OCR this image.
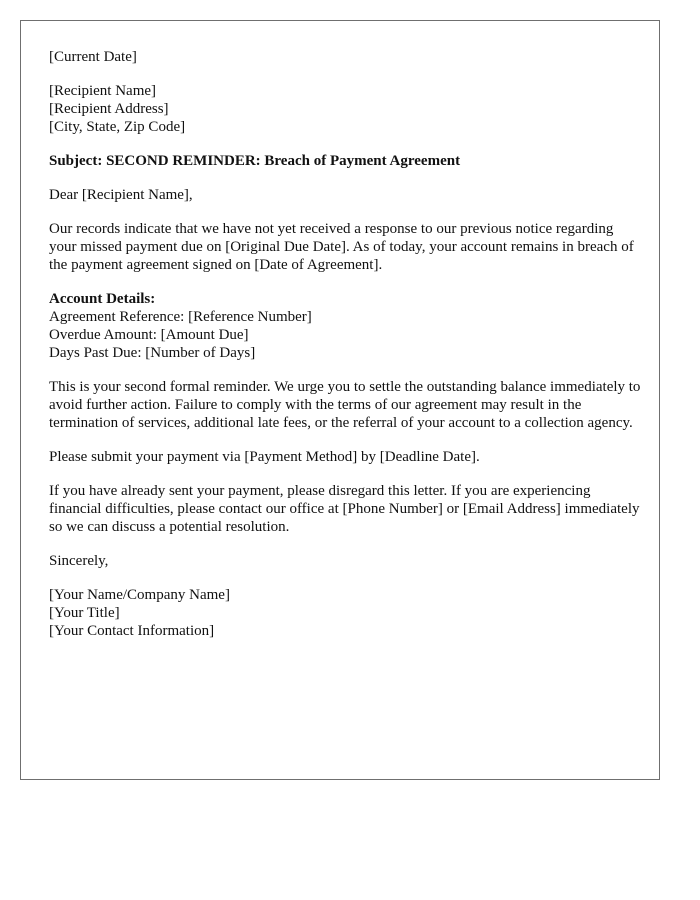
[Current Date]
[Recipient Name]
[Recipient Address]
[City, State, Zip Code]
Subject: SECOND REMINDER: Breach of Payment Agreement

Dear [Recipient Name],

Our records indicate that we have not yet received a response to our previous notice regarding your missed payment due on [Original Due Date]. As of today, your account remains in breach of the payment agreement signed on [Date of Agreement].

Account Details:
Agreement Reference: [Reference Number]
Overdue Amount: [Amount Due]
Days Past Due: [Number of Days]

This is your second formal reminder. We urge you to settle the outstanding balance immediately to avoid further action. Failure to comply with the terms of our agreement may result in the termination of services, additional late fees, or the referral of your account to a collection agency.

Please submit your payment via [Payment Method] by [Deadline Date].

If you have already sent your payment, please disregard this letter. If you are experiencing financial difficulties, please contact our office at [Phone Number] or [Email Address] immediately so we can discuss a potential resolution.

Sincerely,

[Your Name/Company Name]
[Your Title]
[Your Contact Information]
